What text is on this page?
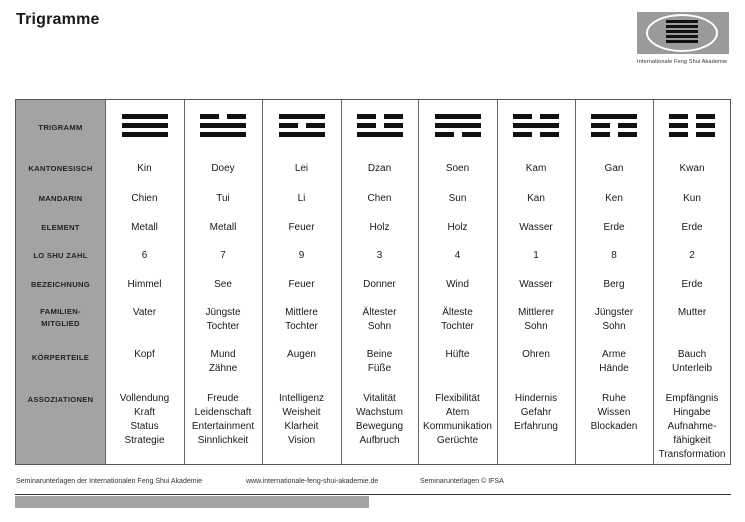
Trigramme
Internationale Feng Shui Akademie
TRIGRAMM
KANTONESISCH
MANDARIN
ELEMENT
LO SHU ZAHL
BEZEICHNUNG
FAMILIEN-
MITGLIED
KÖRPERTEILE
ASSOZIATIONEN
Kin
Chien
Metall
6
Himmel
Vater
Kopf
Vollendung
Kraft
Status
Strategie
Doey
Tui
Metall
7
See
Jüngste
Tochter
Mund
Zähne
Freude
Leidenschaft
Entertainment
Sinnlichkeit
Lei
Li
Feuer
9
Feuer
Mittlere
Tochter
Augen
Intelligenz
Weisheit
Klarheit
Vision
Dzan
Chen
Holz
3
Donner
Ältester
Sohn
Beine
Füße
Vitalität
Wachstum
Bewegung
Aufbruch
Soen
Sun
Holz
4
Wind
Älteste
Tochter
Hüfte
Flexibilität
Atem
Kommunikation
Gerüchte
Kam
Kan
Wasser
1
Wasser
Mittlerer
Sohn
Ohren
Hindernis
Gefahr
Erfahrung
Gan
Ken
Erde
8
Berg
Jüngster
Sohn
Arme
Hände
Ruhe
Wissen
Blockaden
Kwan
Kun
Erde
2
Erde
Mutter
Bauch
Unterleib
Empfängnis
Hingabe
Aufnahme-
fähigkeit
Transformation
Seminarunterlagen der Internationalen Feng Shui Akademie	www.internationale-feng-shui-akademie.de	Seminarunterlagen © IFSA
